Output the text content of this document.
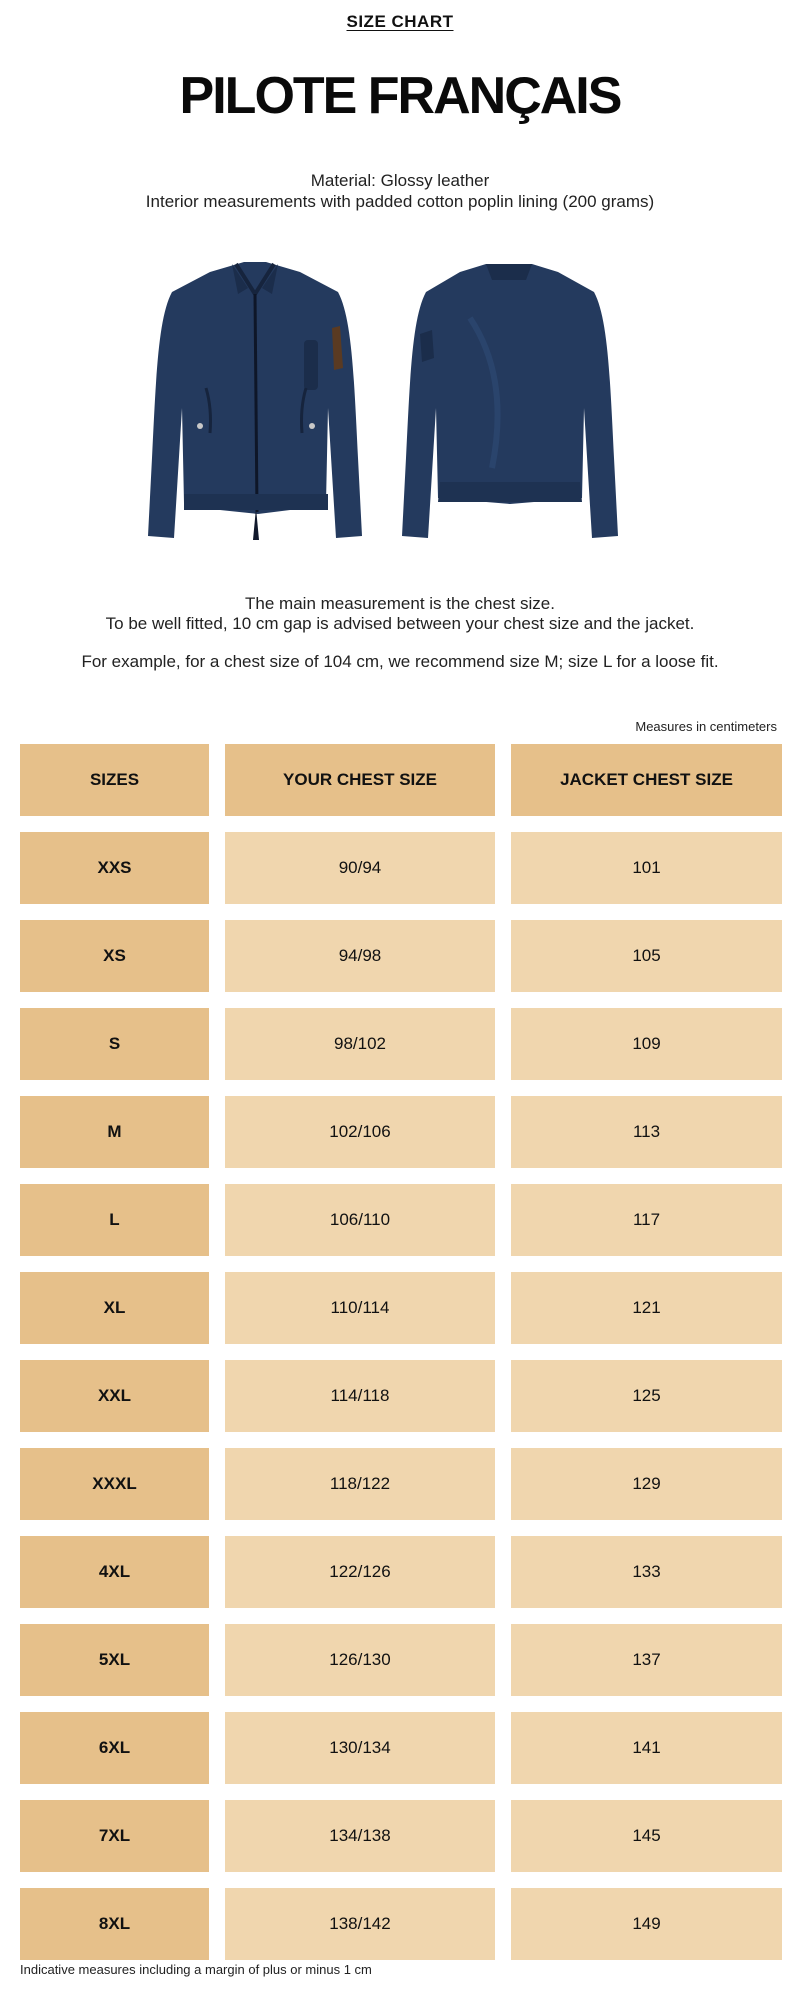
SIZE CHART
PILOTE FRANÇAIS
Material: Glossy leather
Interior measurements with padded cotton poplin lining (200 grams)
The main measurement is the chest size.
To be well fitted, 10 cm gap is advised between your chest size and the jacket.
For example, for a chest size of 104 cm, we recommend size M; size L for a loose fit.
Measures in centimeters
SIZES	YOUR CHEST SIZE	JACKET CHEST SIZE
XXS	90/94	101
XS	94/98	105
S	98/102	109
M	102/106	113
L	106/110	117
XL	110/114	121
XXL	114/118	125
XXXL	118/122	129
4XL	122/126	133
5XL	126/130	137
6XL	130/134	141
7XL	134/138	145
8XL	138/142	149
Indicative measures including a margin of plus or minus 1 cm
